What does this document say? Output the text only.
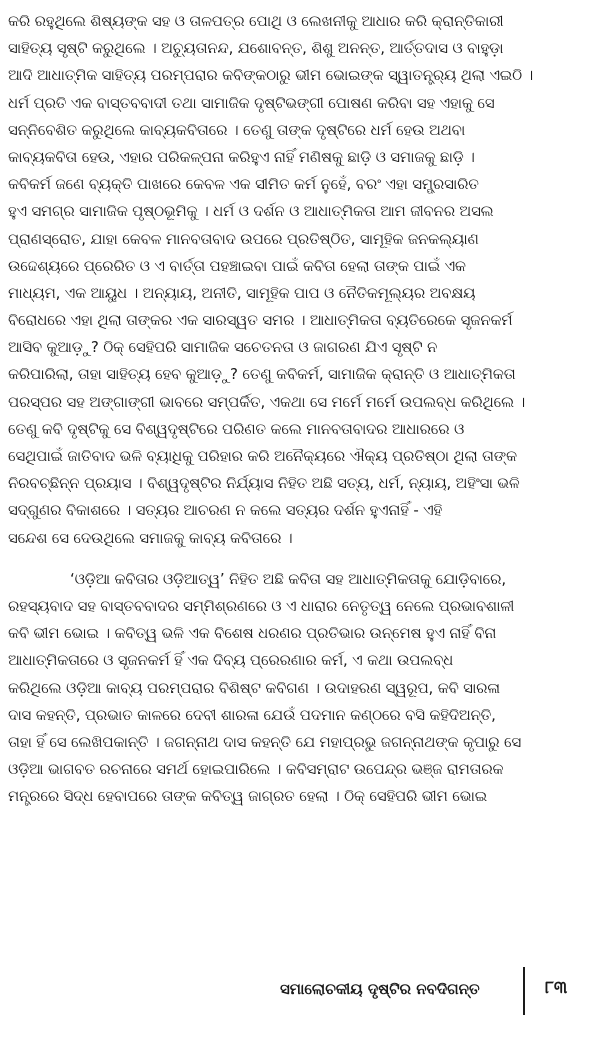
କରି ରହୁଥିଲେ ଶିଷ୍ୟଙ୍କ ସହ ଓ ତାଳପତ୍ର ପୋଥି ଓ ଲେଖନୀକୁ ଆଧାର କରି କ୍ରାନ୍ତିକାରୀ
ସାହିତ୍ୟ ସୃଷ୍ଟି କରୁଥିଲେ । ଅଚ୍ୟୁତାନନ୍ଦ, ଯଶୋବନ୍ତ, ଶିଶୁ ଅନନ୍ତ, ଆର୍ତ୍ତଦାସ ଓ ବାହୁଡ଼ା
ଆଦି ଆଧାତ୍ମିକ ସାହିତ୍ୟ ପରମ୍ପରାର କବିଙ୍କଠାରୁ ଭୀମ ଭୋଇଙ୍କ ସ୍ୱାତନ୍ତ୍ର୍ୟ ଥିଲା ଏଇଠି ।
ଧର୍ମ ପ୍ରତି ଏକ ବାସ୍ତବବାଦୀ ତଥା ସାମାଜିକ ଦୃଷ୍ଟିଭଙ୍ଗୀ ପୋଷଣ କରିବା ସହ ଏହାକୁ ସେ
ସନ୍ନିବେଶିତ କରୁଥିଲେ କାବ୍ୟକବିତାରେ । ତେଣୁ ତାଙ୍କ ଦୃଷ୍ଟିରେ ଧର୍ମ ହେଉ ଅଥବା
କାବ୍ୟକବିତା ହେଉ, ଏହାର ପରିକଳ୍ପନା କରିହୁଏ ନାହିଁ ମଣିଷକୁ ଛାଡ଼ି ଓ ସମାଜକୁ ଛାଡ଼ି ।
କବିକର୍ମ ଜଣେ ବ୍ୟକ୍ତି ପାଖରେ କେବଳ ଏକ ସୀମିତ କର୍ମ ନୁହେଁ, ବରଂ ଏହା ସମ୍ପ୍ରସାରିତ
ହୁଏ ସମଗ୍ର ସାମାଜିକ ପୃଷ୍ଠଭୂମିକୁ । ଧର୍ମ ଓ ଦର୍ଶନ ଓ ଆଧାତ୍ମିକତା ଆମ ଜୀବନର ଅସଲ
ପ୍ରାଣସ୍ରୋତ, ଯାହା କେବଳ ମାନବତାବାଦ ଉପରେ ପ୍ରତିଷ୍ଠିତ, ସାମୂହିକ ଜନକଲ୍ୟାଣ
ଉଦ୍ଦେଶ୍ୟରେ ପ୍ରେରିତ ଓ ଏ ବାର୍ତ୍ତା ପହଞ୍ଚାଇବା ପାଇଁ କବିତା ହେଲା ତାଙ୍କ ପାଇଁ ଏକ
ମାଧ୍ୟମ, ଏକ ଆୟୁଧ । ଅନ୍ୟାୟ, ଅନୀତି, ସାମୂହିକ ପାପ ଓ ନୈତିକମୂଲ୍ୟର ଅବକ୍ଷୟ
ବିରୋଧରେ ଏହା ଥିଲା ତାଙ୍କର ଏକ ସାରସ୍ୱତ ସମର । ଆଧାତ୍ମିକତା ବ୍ୟତିରେକେ ସୃଜନକର୍ମ
ଆସିବ କୁଆଡ଼ୁ? ଠିକ୍ ସେହିପରି ସାମାଜିକ ସଚେତନତା ଓ ଜାଗରଣ ଯିଏ ସୃଷ୍ଟି ନ
କରିପାରିଲା, ତାହା ସାହିତ୍ୟ ହେବ କୁଆଡ଼ୁ? ତେଣୁ କବିକର୍ମ, ସାମାଜିକ କ୍ରାନ୍ତି ଓ ଆଧାତ୍ମିକତା
ପରସ୍ପର ସହ ଅଙ୍ଗାଙ୍ଗୀ ଭାବରେ ସମ୍ପର୍କିତ, ଏକଥା ସେ ମର୍ମେ ମର୍ମେ ଉପଲବ୍ଧ କରିଥିଲେ ।
ତେଣୁ କବି ଦୃଷ୍ଟିକୁ ସେ ବିଶ୍ୱଦୃଷ୍ଟିରେ ପରିଣତ କଲେ ମାନବତାବାଦର ଆଧାରରେ ଓ
ସେଥିପାଇଁ ଜାତିବାଦ ଭଳି ବ୍ୟାଧିକୁ ପରିହାର କରି ଅନୈକ୍ୟରେ ଐକ୍ୟ ପ୍ରତିଷ୍ଠା ଥିଲା ତାଙ୍କ
ନିରବଚ୍ଛିନ୍ନ ପ୍ରୟାସ । ବିଶ୍ୱଦୃଷ୍ଟିର ନିର୍ଯ୍ୟାସ ନିହିତ ଅଛି ସତ୍ୟ, ଧର୍ମ, ନ୍ୟାୟ, ଅହିଂସା ଭଳି
ସଦ୍‌ଗୁଣର ବିକାଶରେ । ସତ୍ୟର ଆଚରଣ ନ କଲେ ସତ୍ୟର ଦର୍ଶନ ହୁଏନାହିଁ - ଏହି
ସନ୍ଦେଶ ସେ ଦେଉଥିଲେ ସମାଜକୁ କାବ୍ୟ କବିତାରେ ।
‘ଓଡ଼ିଆ କବିତାର ଓଡ଼ିଆତ୍ୱ’ ନିହିତ ଅଛି କବିତା ସହ ଆଧାତ୍ମିକତାକୁ ଯୋଡ଼ିବାରେ,
ରହସ୍ୟବାଦ ସହ ବାସ୍ତବବାଦର ସମ୍ମିଶ୍ରଣରେ ଓ ଏ ଧାରାର ନେତୃତ୍ୱ ନେଲେ ପ୍ରଭାବଶାଳୀ
କବି ଭୀମ ଭୋଇ । କବିତ୍ୱ ଭଳି ଏକ ବିଶେଷ ଧରଣର ପ୍ରତିଭାର ଉନ୍ମେଷ ହୁଏ ନାହିଁ ବିନା
ଆଧାତ୍ମିକତାରେ ଓ ସୃଜନକର୍ମ ହିଁ ଏକ ଦିବ୍ୟ ପ୍ରେରଣାର କର୍ମ, ଏ କଥା ଉପଲବ୍ଧ
କରିଥିଲେ ଓଡ଼ିଆ କାବ୍ୟ ପରମ୍ପରାର ବିଶିଷ୍ଟ କବିଗଣ । ଉଦାହରଣ ସ୍ୱରୂପ, କବି ସାରଳା
ଦାସ କହନ୍ତି, ପ୍ରଭାତ କାଳରେ ଦେବୀ ଶାରଳା ଯେଉଁ ପଦମାନ କଣ୍ଠରେ ବସି କହିଦିଅନ୍ତି,
ତାହା ହିଁ ସେ ଲେଖିପକାନ୍ତି । ଜଗନ୍ନାଥ ଦାସ କହନ୍ତି ଯେ ମହାପ୍ରଭୁ ଜଗନ୍ନାଥଙ୍କ କୃପାରୁ ସେ
ଓଡ଼ିଆ ଭାଗବତ ରଚନାରେ ସମର୍ଥ ହୋଇପାରିଲେ । କବିସମ୍ରାଟ ଉପେନ୍ଦ୍ର ଭଞ୍ଜ ରାମତାରକ
ମନ୍ତ୍ରରେ ସିଦ୍ଧ ହେବାପରେ ତାଙ୍କ କବିତ୍ୱ ଜାଗ୍ରତ ହେଲା । ଠିକ୍ ସେହିପରି ଭୀମ ଭୋଇ
ସମାଲୋଚକୀୟ ଦୃଷ୍ଟିର ନବଦିଗନ୍ତ	୮୩
